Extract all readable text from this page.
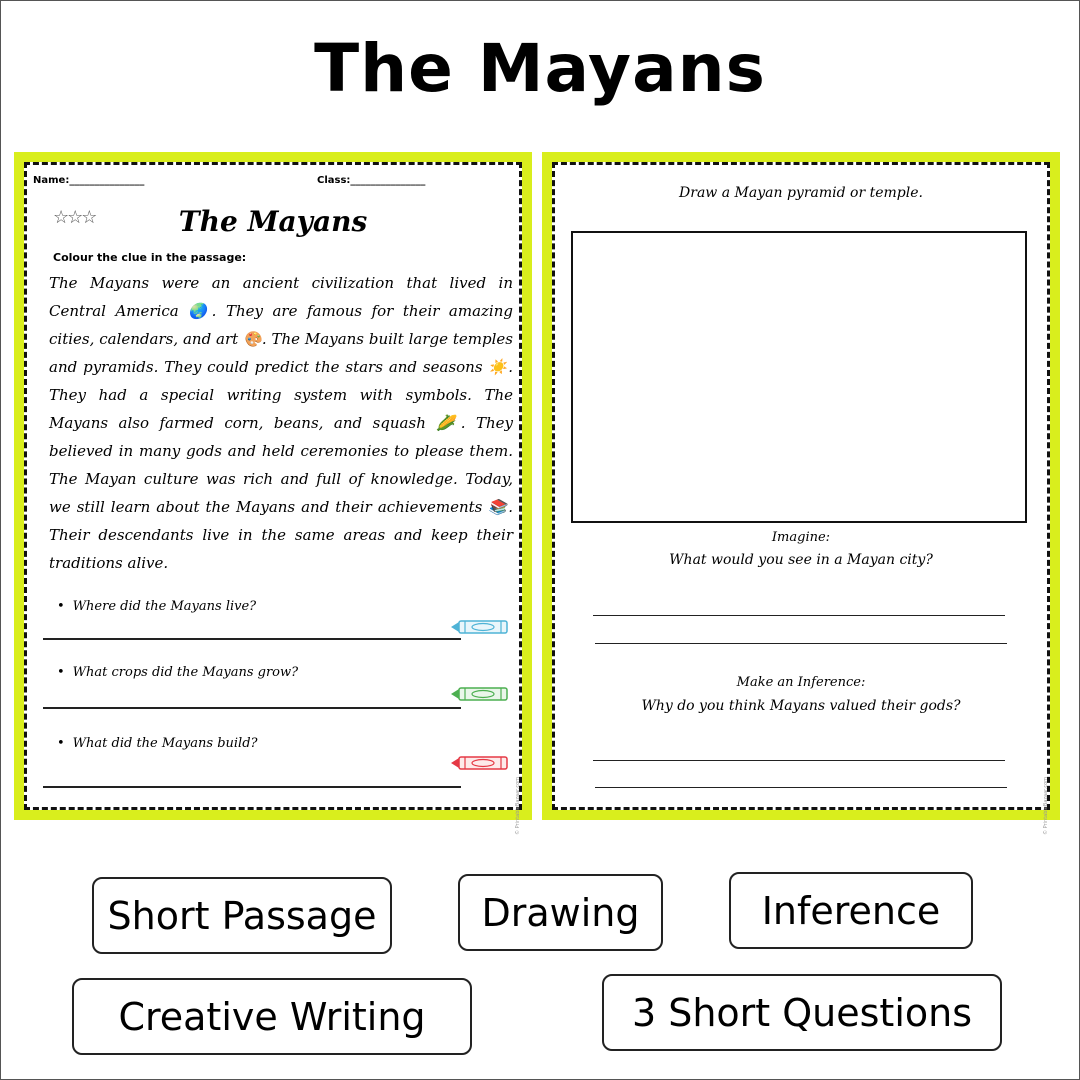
The Mayans
Name:_______________	Class:_______________
☆☆☆	The Mayans
Colour the clue in the passage:
The Mayans were an ancient civilization that lived in Central America 🌏. They are famous for their amazing cities, calendars, and art 🎨. The Mayans built large temples and pyramids. They could predict the stars and seasons ☀️. They had a special writing system with symbols. The Mayans also farmed corn, beans, and squash 🌽. They believed in many gods and held ceremonies to please them. The Mayan culture was rich and full of knowledge. Today, we still learn about the Mayans and their achievements 📚. Their descendants live in the same areas and keep their traditions alive.
• Where did the Mayans live?
• What crops did the Mayans grow?
• What did the Mayans build?
© PrintableBazaar.com
Draw a Mayan pyramid or temple.
Imagine:
What would you see in a Mayan city?
Make an Inference:
Why do you think Mayans valued their gods?
© PrintableBazaar.com
Short Passage	Drawing	Inference
Creative Writing	3 Short Questions
